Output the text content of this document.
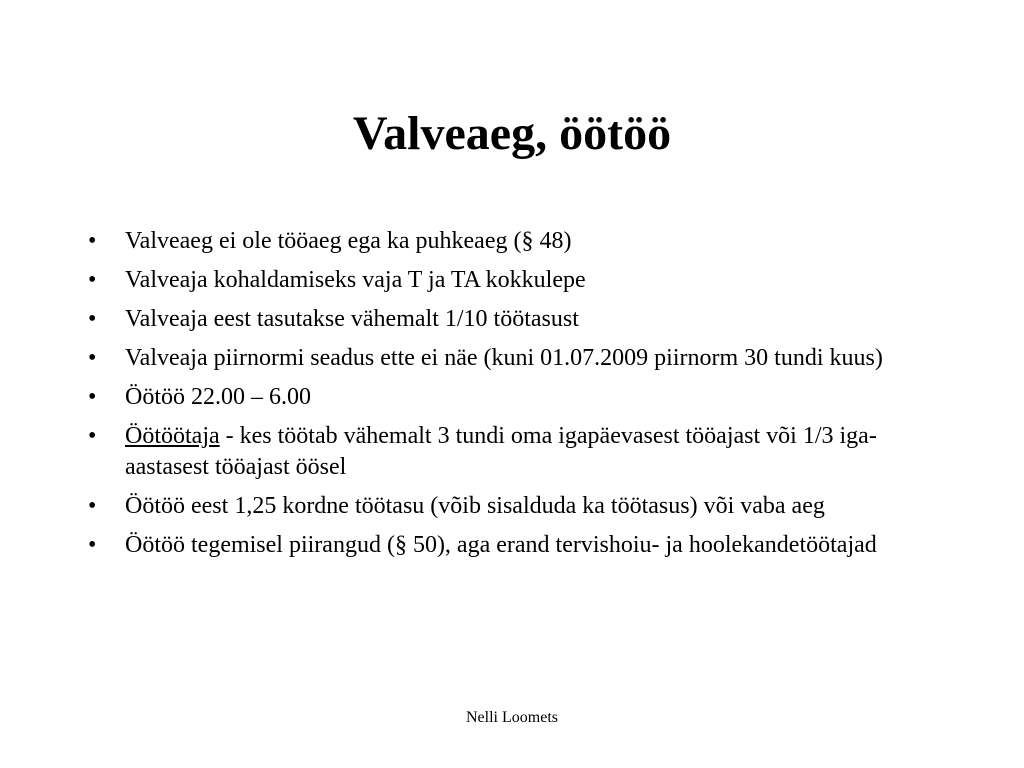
Valveaeg, öötöö
• Valveaeg ei ole tööaeg ega ka puhkeaeg (§ 48)
• Valveaja kohaldamiseks vaja T ja TA kokkulepe
• Valveaja eest tasutakse vähemalt 1/10 töötasust
• Valveaja piirnormi seadus ette ei näe (kuni 01.07.2009 piirnorm 30 tundi kuus)
• Öötöö 22.00 – 6.00
• Öötöötaja - kes töötab vähemalt 3 tundi oma igapäevasest tööajast või 1/3 iga-aastasest tööajast öösel
• Öötöö eest 1,25 kordne töötasu (võib sisalduda ka töötasus) või vaba aeg
• Öötöö tegemisel piirangud (§ 50), aga erand tervishoiu- ja hoolekandetöötajad
Nelli Loomets
